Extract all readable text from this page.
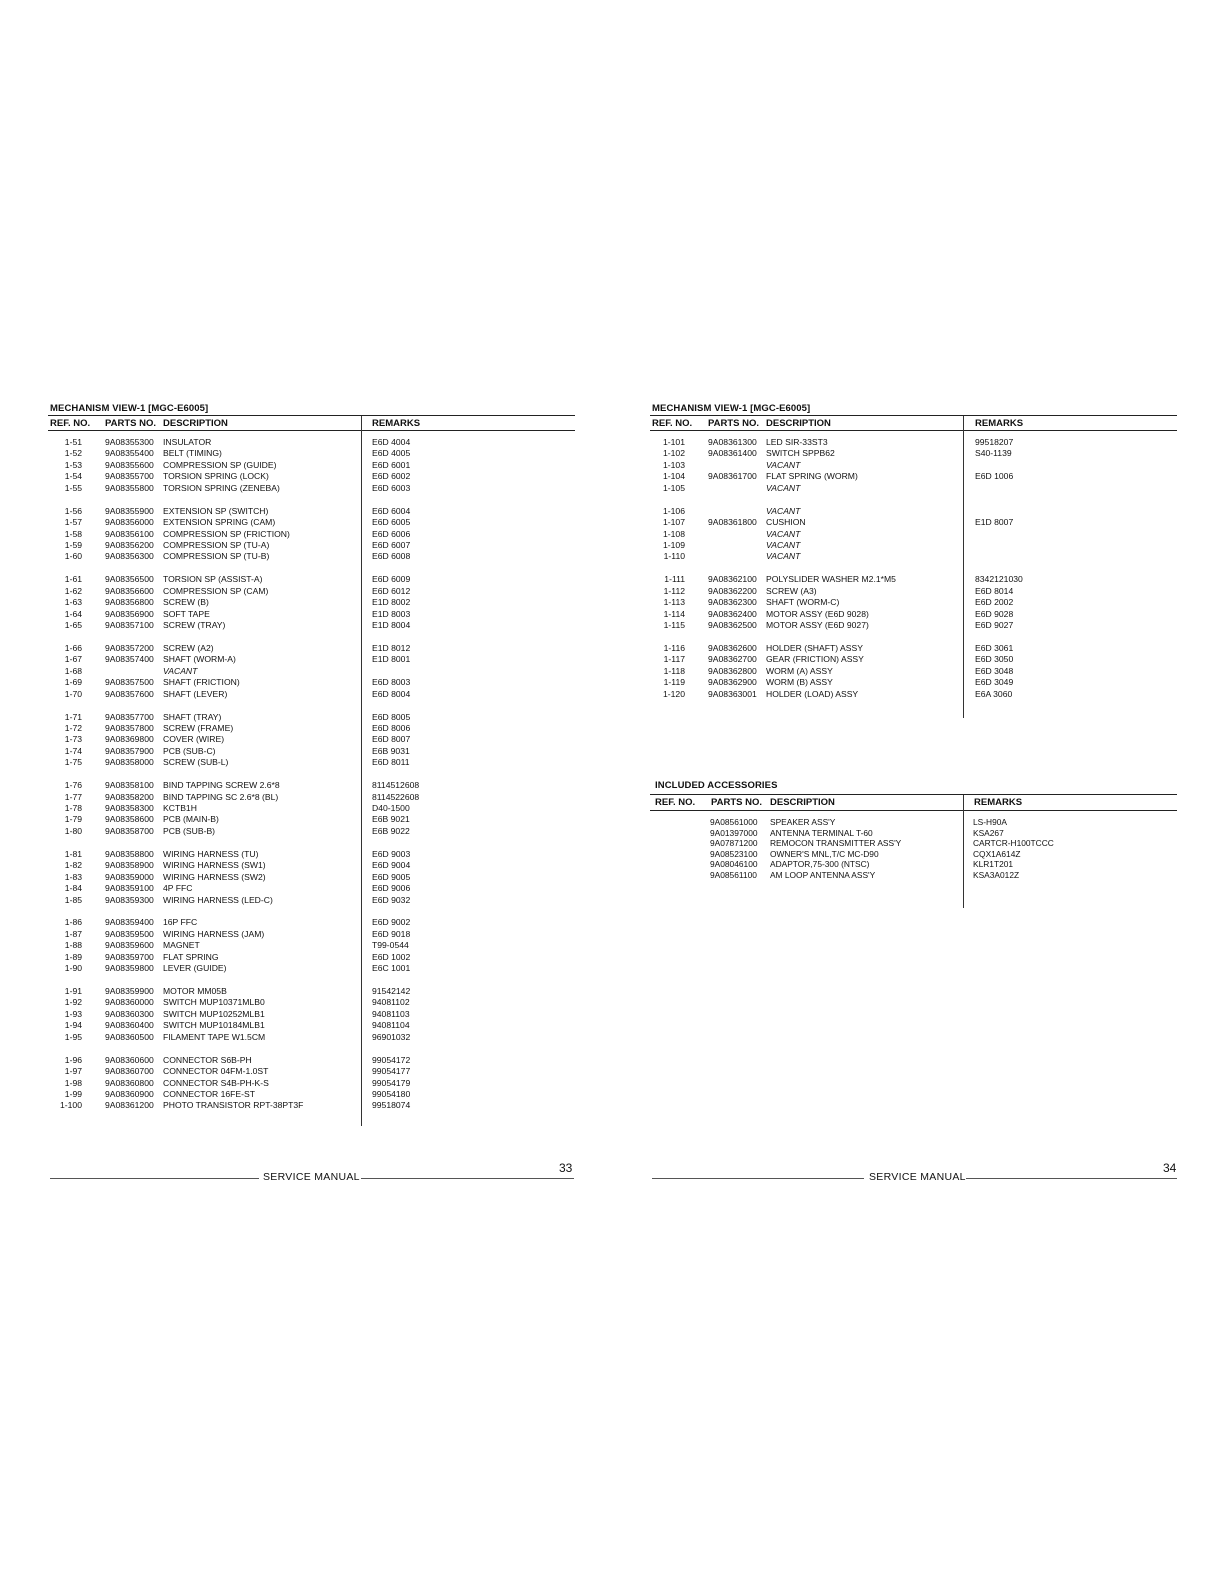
MECHANISM VIEW-1 [MGC-E6005]
REF. NO. PARTS NO. DESCRIPTION	REMARKS
1-51	9A08355300 INSULATOR	E6D 4004
1-52	9A08355400 BELT (TIMING)	E6D 4005
1-53	9A08355600 COMPRESSION SP (GUIDE)	E6D 6001
1-54	9A08355700 TORSION SPRING (LOCK)	E6D 6002
1-55	9A08355800 TORSION SPRING (ZENEBA)	E6D 6003
1-56	9A08355900 EXTENSION SP (SWITCH)	E6D 6004
1-57	9A08356000 EXTENSION SPRING (CAM)	E6D 6005
1-58	9A08356100 COMPRESSION SP (FRICTION)	E6D 6006
1-59	9A08356200 COMPRESSION SP (TU-A)	E6D 6007
1-60	9A08356300 COMPRESSION SP (TU-B)	E6D 6008
1-61	9A08356500 TORSION SP (ASSIST-A)	E6D 6009
1-62	9A08356600 COMPRESSION SP (CAM)	E6D 6012
1-63	9A08356800 SCREW (B)	E1D 8002
1-64	9A08356900 SOFT TAPE	E1D 8003
1-65	9A08357100 SCREW (TRAY)	E1D 8004
1-66	9A08357200 SCREW (A2)	E1D 8012
1-67	9A08357400 SHAFT (WORM-A)	E1D 8001
1-68	VACANT
1-69	9A08357500 SHAFT (FRICTION)	E6D 8003
1-70	9A08357600 SHAFT (LEVER)	E6D 8004
1-71	9A08357700 SHAFT (TRAY)	E6D 8005
1-72	9A08357800 SCREW (FRAME)	E6D 8006
1-73	9A08369800 COVER (WIRE)	E6D 8007
1-74	9A08357900 PCB (SUB-C)	E6B 9031
1-75	9A08358000 SCREW (SUB-L)	E6D 8011
1-76	9A08358100 BIND TAPPING SCREW 2.6*8	8114512608
1-77	9A08358200 BIND TAPPING SC 2.6*8 (BL)	8114522608
1-78	9A08358300 KCTB1H	D40-1500
1-79	9A08358600 PCB (MAIN-B)	E6B 9021
1-80	9A08358700 PCB (SUB-B)	E6B 9022
1-81	9A08358800 WIRING HARNESS (TU)	E6D 9003
1-82	9A08358900 WIRING HARNESS (SW1)	E6D 9004
1-83	9A08359000 WIRING HARNESS (SW2)	E6D 9005
1-84	9A08359100 4P FFC	E6D 9006
1-85	9A08359300 WIRING HARNESS (LED-C)	E6D 9032
1-86	9A08359400 16P FFC	E6D 9002
1-87	9A08359500 WIRING HARNESS (JAM)	E6D 9018
1-88	9A08359600 MAGNET	T99-0544
1-89	9A08359700 FLAT SPRING	E6D 1002
1-90	9A08359800 LEVER (GUIDE)	E6C 1001
1-91	9A08359900 MOTOR MM05B	91542142
1-92	9A08360000 SWITCH MUP10371MLB0	94081102
1-93	9A08360300 SWITCH MUP10252MLB1	94081103
1-94	9A08360400 SWITCH MUP10184MLB1	94081104
1-95	9A08360500 FILAMENT TAPE W1.5CM	96901032
1-96	9A08360600 CONNECTOR S6B-PH	99054172
1-97	9A08360700 CONNECTOR 04FM-1.0ST	99054177
1-98	9A08360800 CONNECTOR S4B-PH-K-S	99054179
1-99	9A08360900 CONNECTOR 16FE-ST	99054180
1-100	9A08361200 PHOTO TRANSISTOR RPT-38PT3F	99518074
SERVICE MANUAL
33
MECHANISM VIEW-1 [MGC-E6005]
REF. NO. PARTS NO. DESCRIPTION	REMARKS
1-101	9A08361300 LED SIR-33ST3	99518207
1-102	9A08361400 SWITCH SPPB62	S40-1139
1-103	VACANT
1-104	9A08361700 FLAT SPRING (WORM)	E6D 1006
1-105	VACANT
1-106	VACANT
1-107	9A08361800 CUSHION	E1D 8007
1-108	VACANT
1-109	VACANT
1-110	VACANT
1-111	9A08362100 POLYSLIDER WASHER M2.1*M5	8342121030
1-112	9A08362200 SCREW (A3)	E6D 8014
1-113	9A08362300 SHAFT (WORM-C)	E6D 2002
1-114	9A08362400 MOTOR ASSY (E6D 9028)	E6D 9028
1-115	9A08362500 MOTOR ASSY (E6D 9027)	E6D 9027
1-116	9A08362600 HOLDER (SHAFT) ASSY	E6D 3061
1-117	9A08362700 GEAR (FRICTION) ASSY	E6D 3050
1-118	9A08362800 WORM (A) ASSY	E6D 3048
1-119	9A08362900 WORM (B) ASSY	E6D 3049
1-120	9A08363001 HOLDER (LOAD) ASSY	E6A 3060
INCLUDED ACCESSORIES
REF. NO. PARTS NO. DESCRIPTION	REMARKS
9A08561000 SPEAKER ASS'Y	LS-H90A
9A01397000 ANTENNA TERMINAL T-60	KSA267
9A07871200 REMOCON TRANSMITTER ASS'Y	CARTCR-H100TCCC
9A08523100 OWNER'S MNL,T/C MC-D90	CQX1A614Z
9A08046100 ADAPTOR,75-300 (NTSC)	KLR1T201
9A08561100 AM LOOP ANTENNA ASS'Y	KSA3A012Z
SERVICE MANUAL
34
